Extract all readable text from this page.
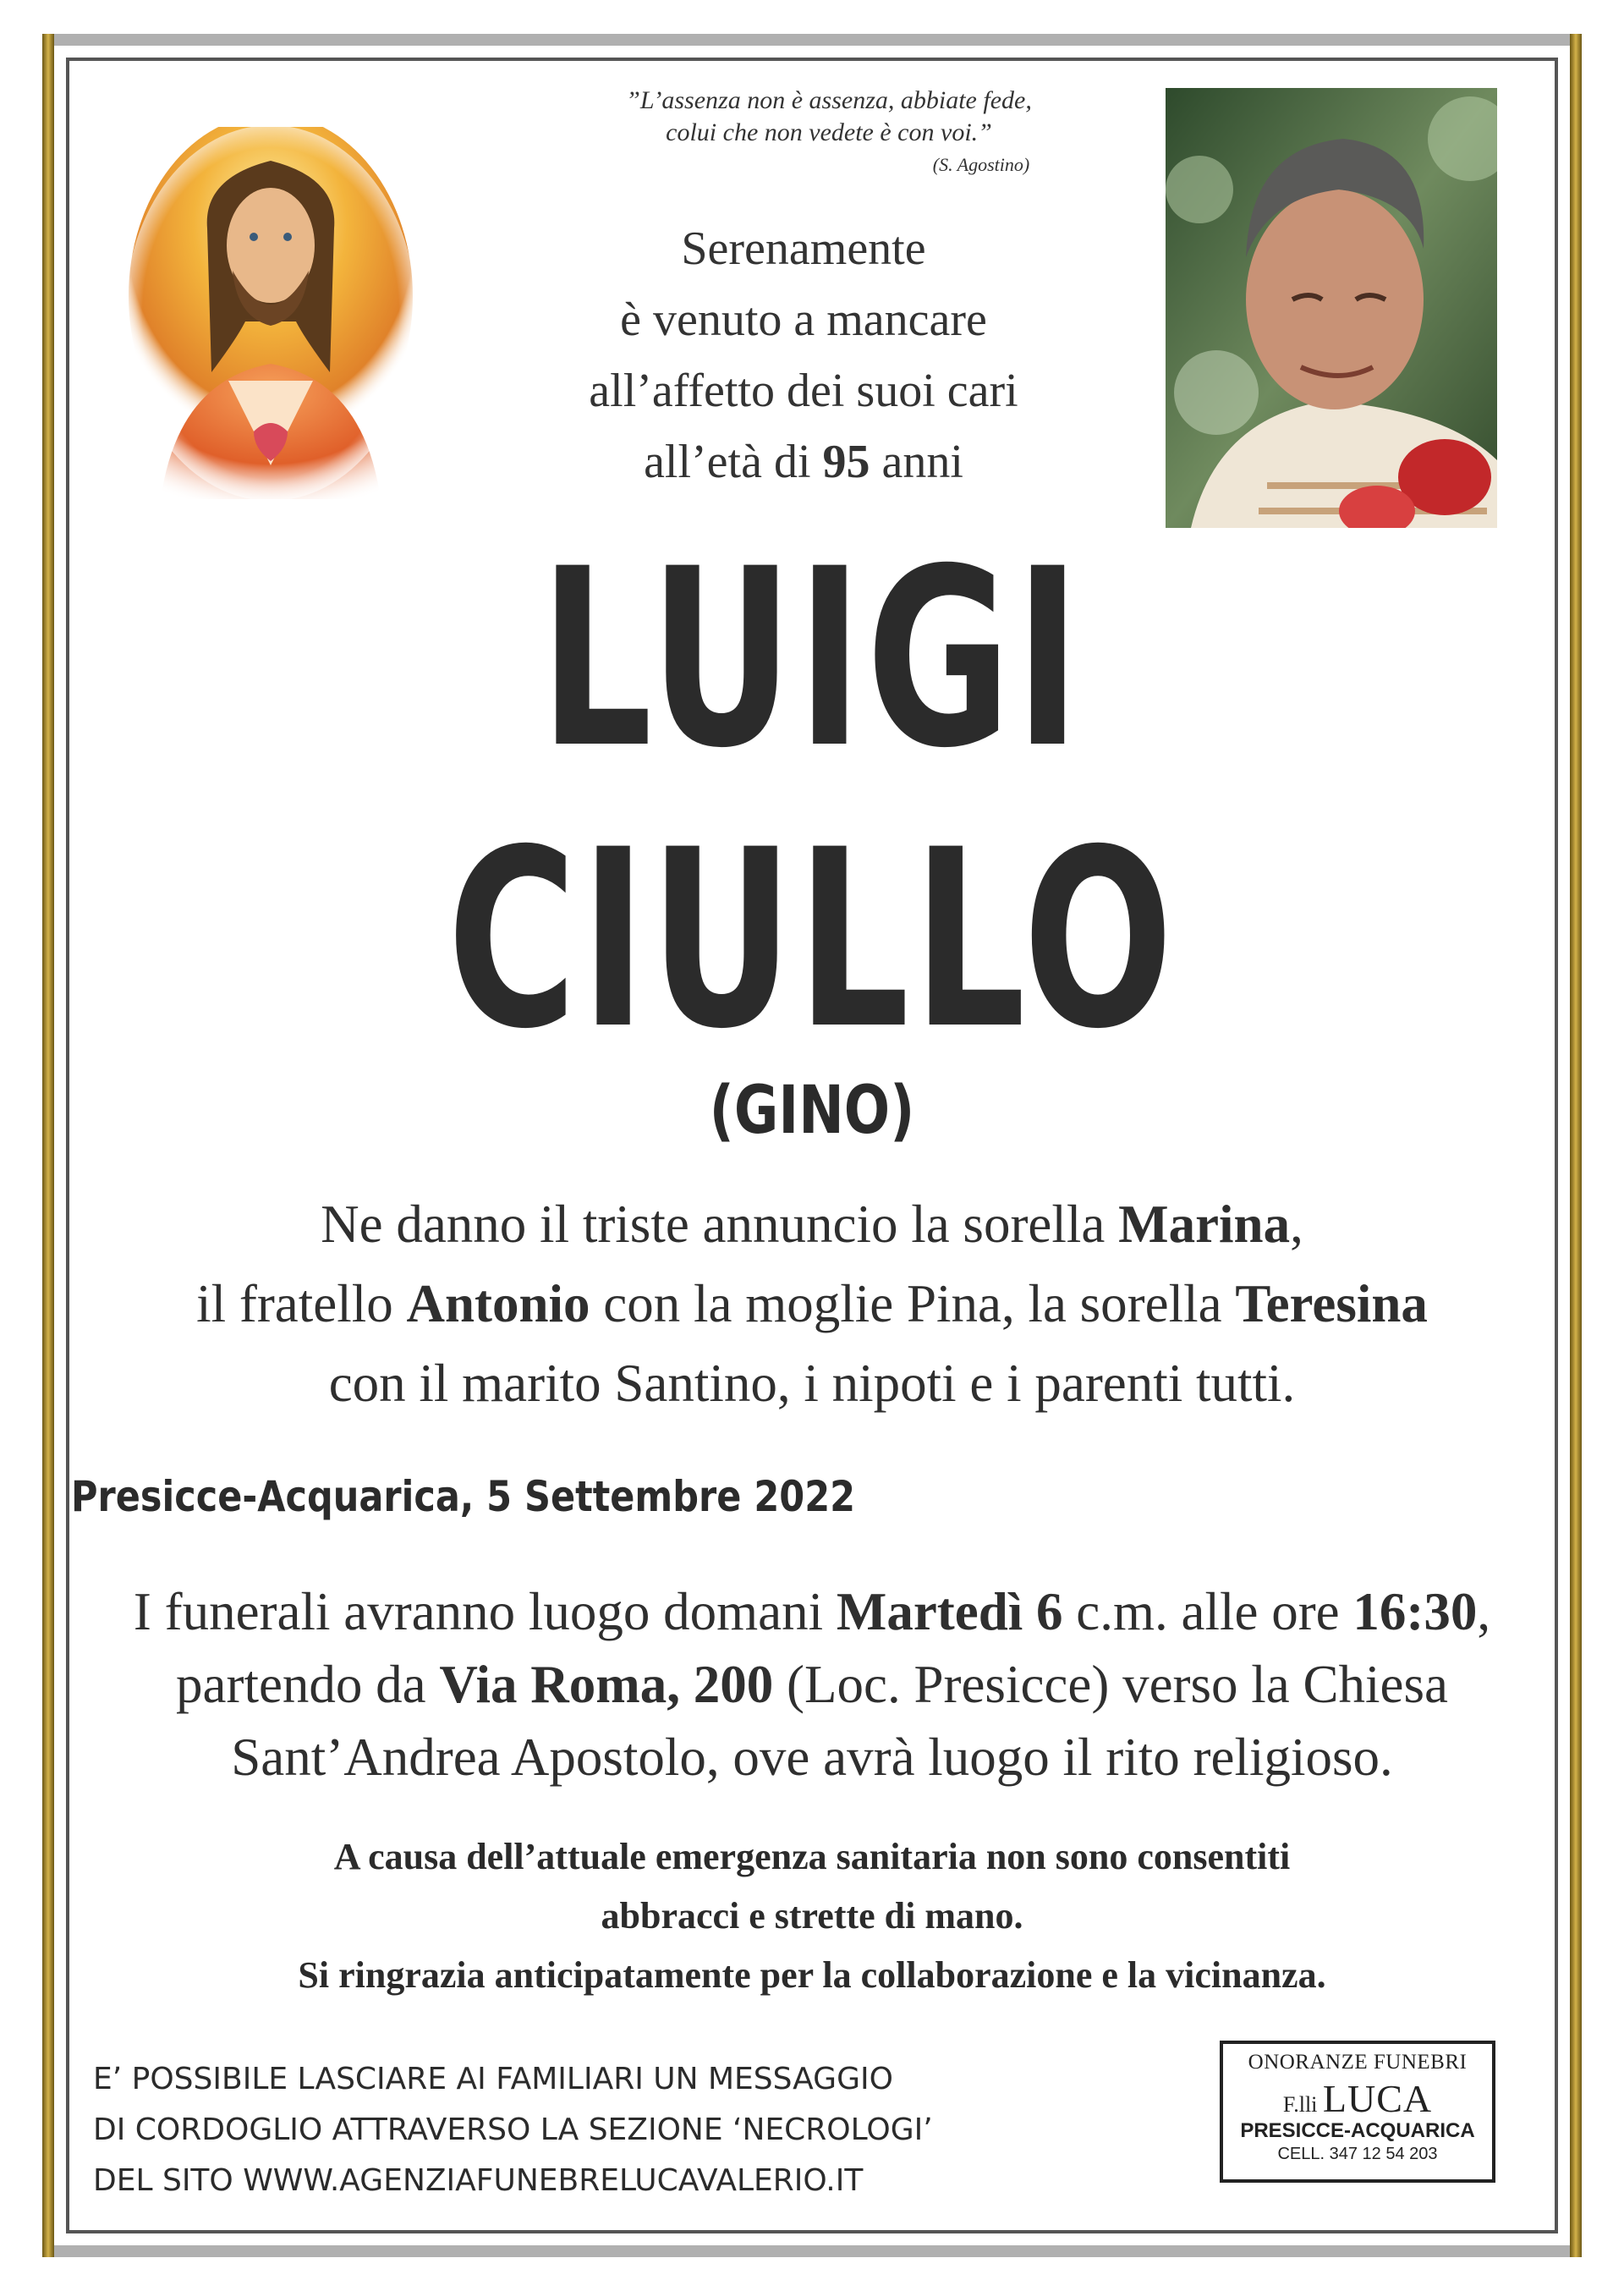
”L’assenza non è assenza, abbiate fede,
colui che non vedete è con voi.”
(S. Agostino)
Serenamente
è venuto a mancare
all’affetto dei suoi cari
all’età di 95 anni
LUIGI
CIULLO
(GINO)
Ne danno il triste annuncio la sorella Marina,
il fratello Antonio con la moglie Pina, la sorella Teresina
con il marito Santino, i nipoti e i parenti tutti.
Presicce-Acquarica, 5 Settembre 2022
I funerali avranno luogo domani Martedì 6 c.m. alle ore 16:30,
partendo da Via Roma, 200 (Loc. Presicce) verso la Chiesa
Sant’Andrea Apostolo, ove avrà luogo il rito religioso.
A causa dell’attuale emergenza sanitaria non sono consentiti
abbracci e strette di mano.
Si ringrazia anticipatamente per la collaborazione e la vicinanza.
E’ POSSIBILE LASCIARE AI FAMILIARI UN MESSAGGIO
DI CORDOGLIO ATTRAVERSO LA SEZIONE ‘NECROLOGI’
DEL SITO WWW.AGENZIAFUNEBRELUCAVALERIO.IT
ONORANZE FUNEBRI
F.lli LUCA
PRESICCE-ACQUARICA
CELL. 347 12 54 203
